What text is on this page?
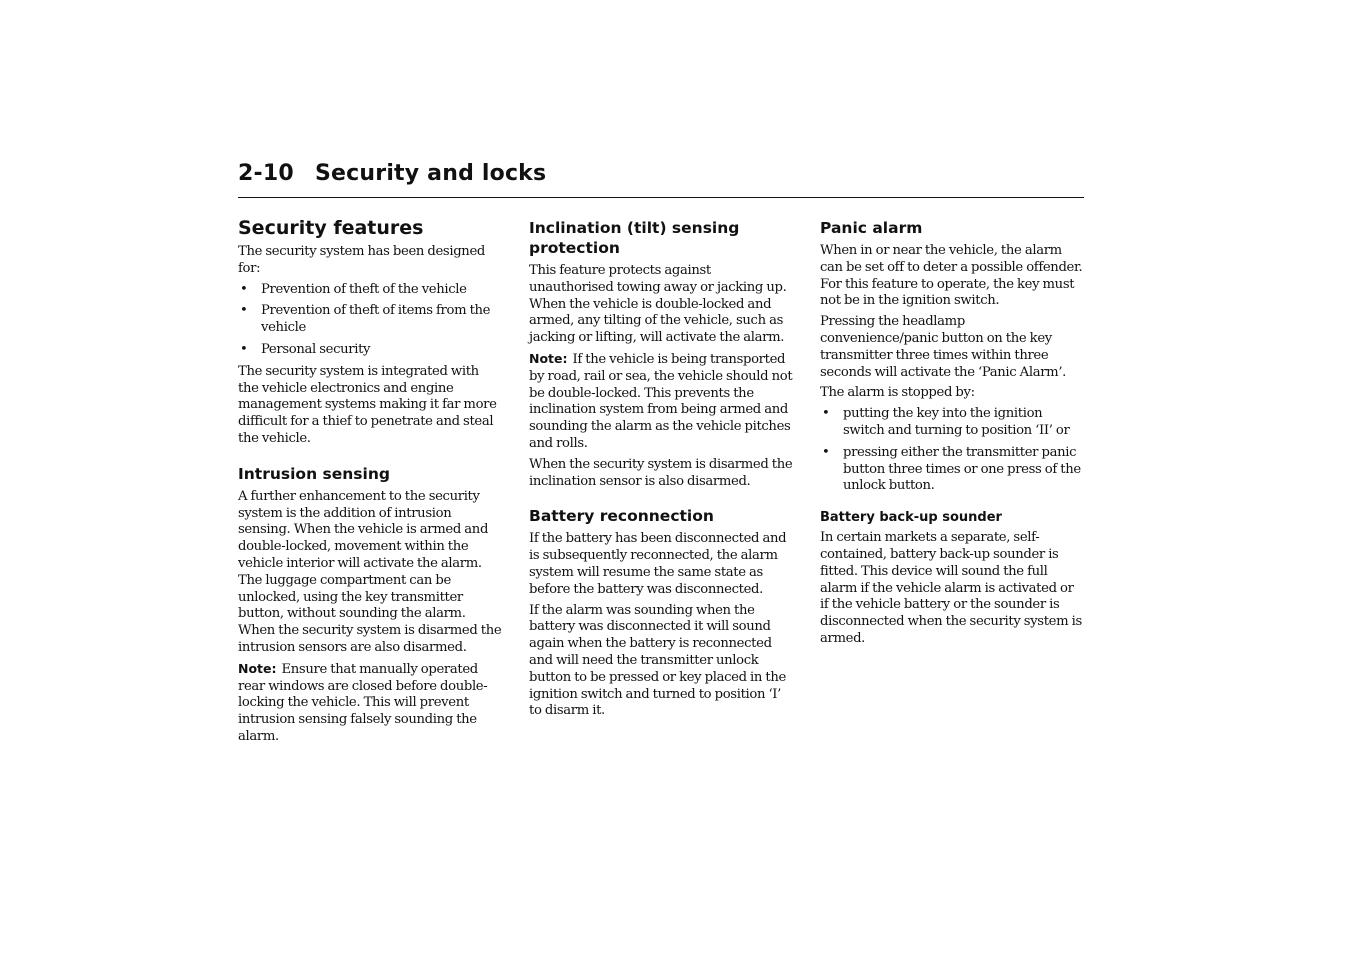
2-10 Security and locks
Security features

The security system has been designed for:

• Prevention of theft of the vehicle
• Prevention of theft of items from the vehicle
• Personal security

The security system is integrated with the vehicle electronics and engine management systems making it far more difficult for a thief to penetrate and steal the vehicle.

Intrusion sensing

A further enhancement to the security system is the addition of intrusion sensing. When the vehicle is armed and double-locked, movement within the vehicle interior will activate the alarm. The luggage compartment can be unlocked, using the key transmitter button, without sounding the alarm. When the security system is disarmed the intrusion sensors are also disarmed.

Note: Ensure that manually operated rear windows are closed before double-locking the vehicle. This will prevent intrusion sensing falsely sounding the alarm.

Inclination (tilt) sensing protection

This feature protects against unauthorised towing away or jacking up. When the vehicle is double-locked and armed, any tilting of the vehicle, such as jacking or lifting, will activate the alarm.

Note: If the vehicle is being transported by road, rail or sea, the vehicle should not be double-locked. This prevents the inclination system from being armed and sounding the alarm as the vehicle pitches and rolls.

When the security system is disarmed the inclination sensor is also disarmed.

Battery reconnection

If the battery has been disconnected and is subsequently reconnected, the alarm system will resume the same state as before the battery was disconnected.

If the alarm was sounding when the battery was disconnected it will sound again when the battery is reconnected and will need the transmitter unlock button to be pressed or key placed in the ignition switch and turned to position ‘I’ to disarm it.

Panic alarm

When in or near the vehicle, the alarm can be set off to deter a possible offender. For this feature to operate, the key must not be in the ignition switch.

Pressing the headlamp convenience/panic button on the key transmitter three times within three seconds will activate the ‘Panic Alarm’.

The alarm is stopped by:

• putting the key into the ignition switch and turning to position ‘II’ or
• pressing either the transmitter panic button three times or one press of the unlock button.
Battery back-up sounder

In certain markets a separate, self-contained, battery back-up sounder is fitted. This device will sound the full alarm if the vehicle alarm is activated or if the vehicle battery or the sounder is disconnected when the security system is armed.
